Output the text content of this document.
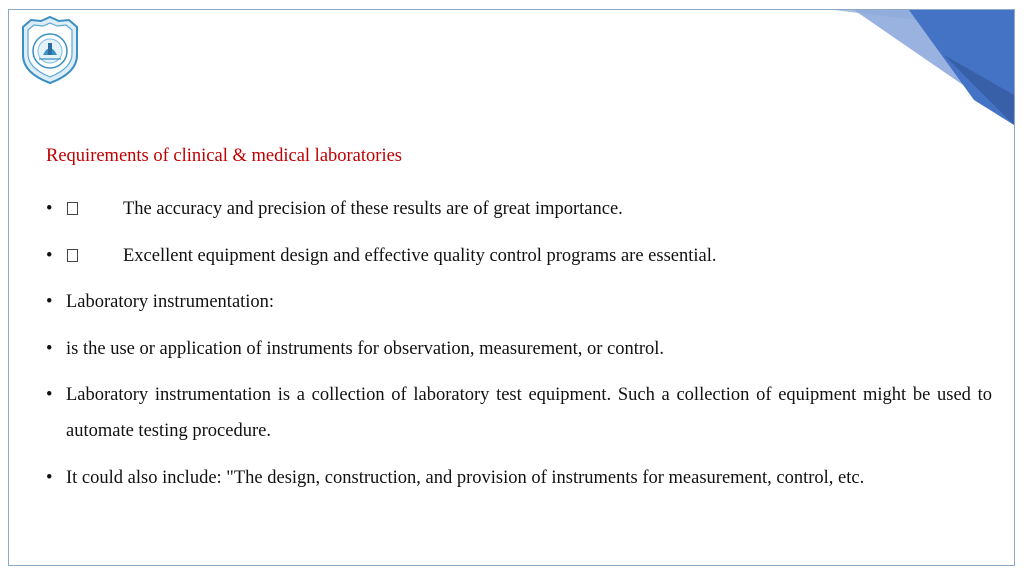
Requirements of clinical & medical laboratories
•	The accuracy and precision of these results are of great importance.
•	Excellent equipment design and effective quality control programs are essential.
• Laboratory instrumentation:
• is the use or application of instruments for observation, measurement, or control.
• Laboratory instrumentation is a collection of laboratory test equipment. Such a collection of equipment might be used to automate testing procedure.
• It could also include: "The design, construction, and provision of instruments for measurement, control, etc.
